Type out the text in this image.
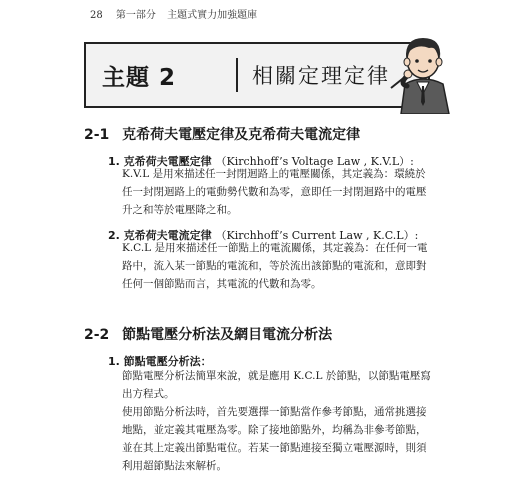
28 第一部分 主題式實力加強題庫
主題 2	相關定理定律
2-1 克希荷夫電壓定律及克希荷夫電流定律
1. 克希荷夫電壓定律 （Kirchhoff’s Voltage Law , K.V.L）:
K.V.L 是用來描述任一封閉迴路上的電壓關係，其定義為：環繞於
任一封閉迴路上的電動勢代數和為零，意即任一封閉迴路中的電壓
升之和等於電壓降之和。
2. 克希荷夫電流定律 （Kirchhoff’s Current Law , K.C.L）:
K.C.L 是用來描述任一節點上的電流關係，其定義為：在任何一電
路中，流入某一節點的電流和，等於流出該節點的電流和，意即對
任何一個節點而言，其電流的代數和為零。
2-2 節點電壓分析法及網目電流分析法
1. 節點電壓分析法：
節點電壓分析法簡單來說，就是應用 K.C.L 於節點，以節點電壓寫
出方程式。
使用節點分析法時，首先要選擇一節點當作參考節點，通常挑選接
地點，並定義其電壓為零。除了接地節點外，均稱為非參考節點，
並在其上定義出節點電位。若某一節點連接至獨立電壓源時，則須
利用超節點法來解析。
